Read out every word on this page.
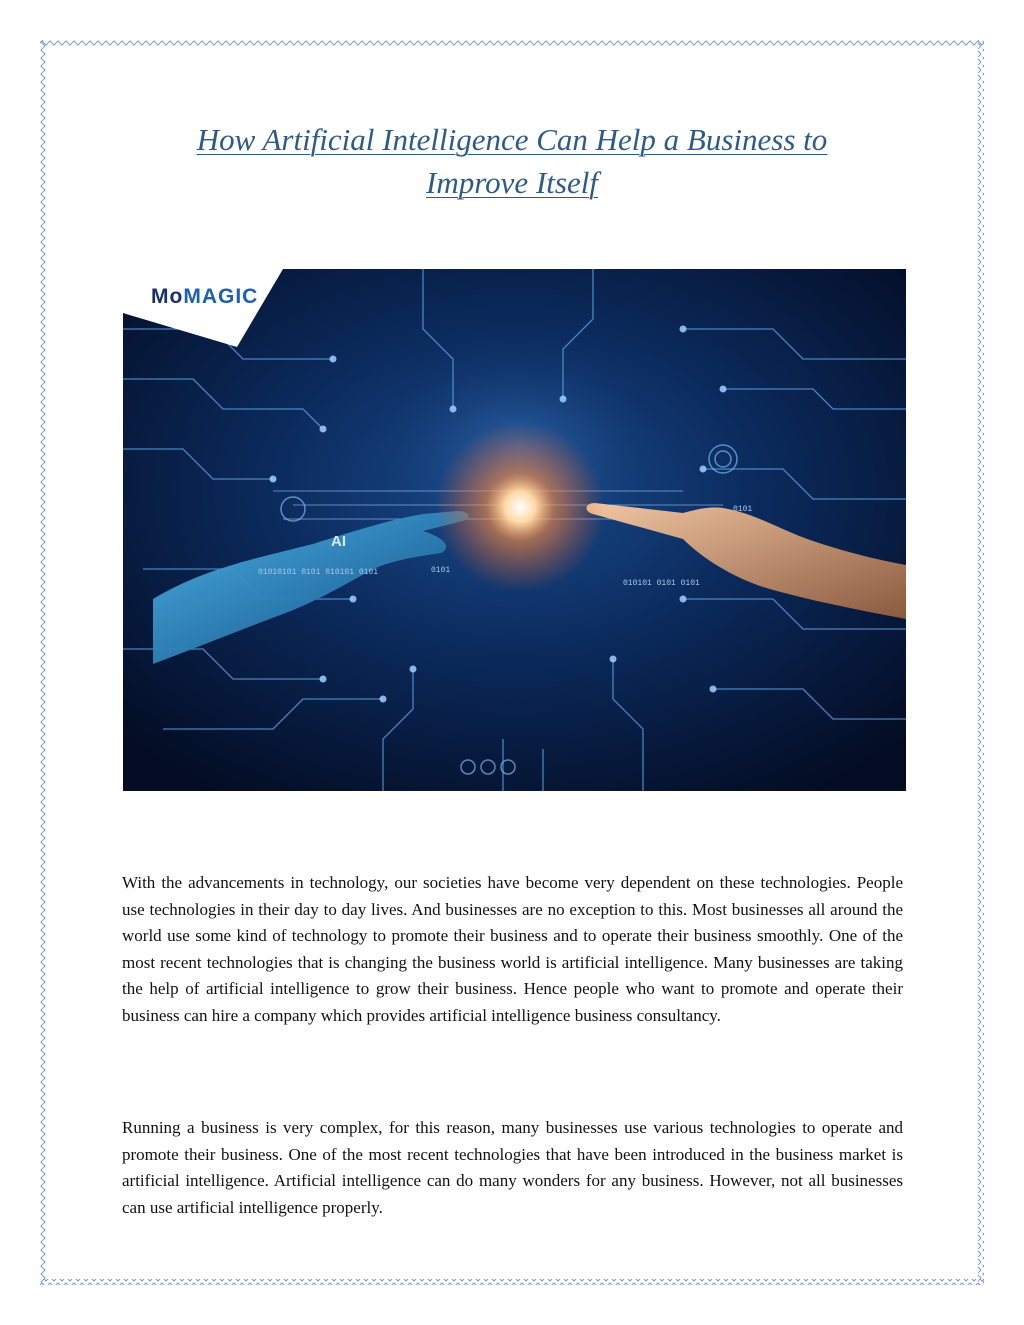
How Artificial Intelligence Can Help a Business to
Improve Itself
MoMAGIC
AI
01010101 0101 010101 0101	0101
010101 0101 0101
0101

With the advancements in technology, our societies have become very dependent on these technologies. People use technologies in their day to day lives. And businesses are no exception to this. Most businesses all around the world use some kind of technology to promote their business and to operate their business smoothly. One of the most recent technologies that is changing the business world is artificial intelligence. Many businesses are taking the help of artificial intelligence to grow their business. Hence people who want to promote and operate their business can hire a company which provides artificial intelligence business consultancy.

Running a business is very complex, for this reason, many businesses use various technologies to operate and promote their business. One of the most recent technologies that have been introduced in the business market is artificial intelligence. Artificial intelligence can do many wonders for any business. However, not all businesses can use artificial intelligence properly.
